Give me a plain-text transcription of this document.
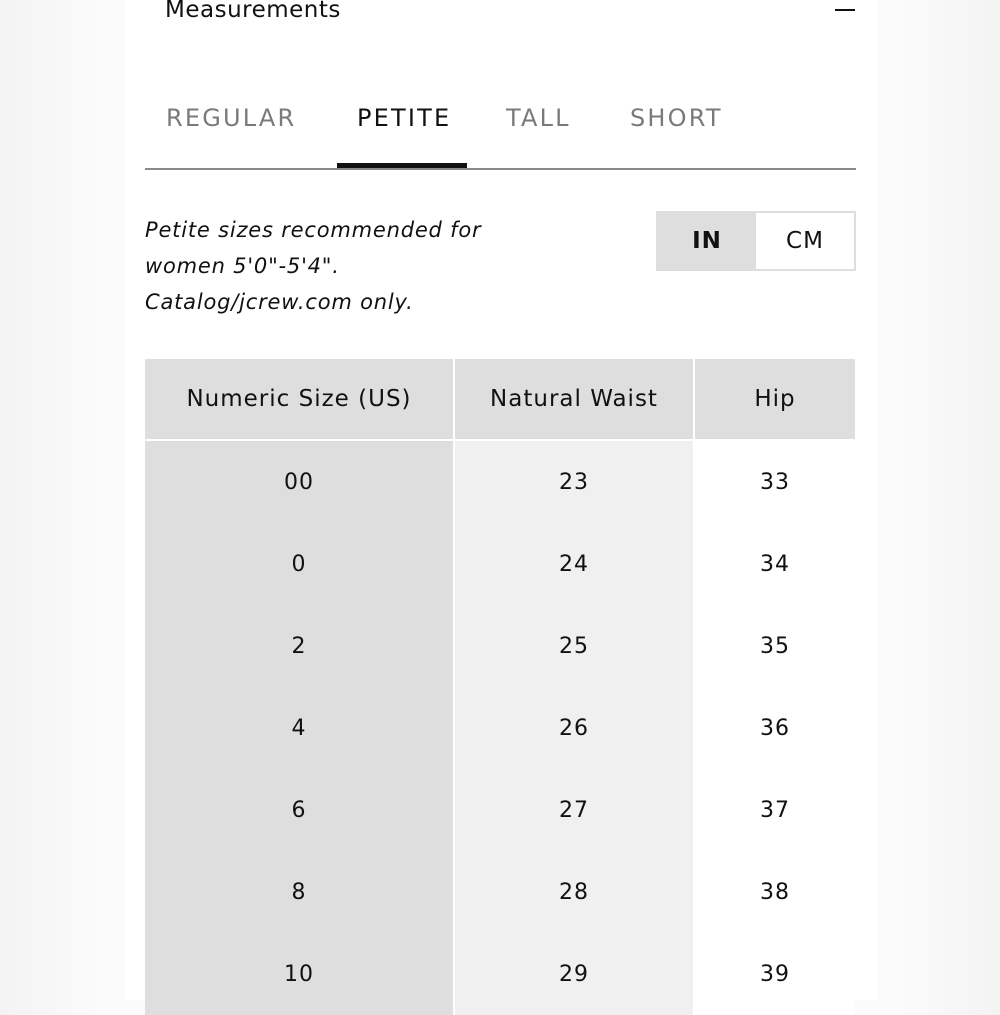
Measurements
REGULAR	PETITE TALL SHORT
Petite sizes recommended for
women 5'0"-5'4".
Catalog/jcrew.com only.
IN	CM
Numeric Size (US)	Natural Waist	Hip
00	23	33
0	24	34
2	25	35
4	26	36
6	27	37
8	28	38
10	29	39
